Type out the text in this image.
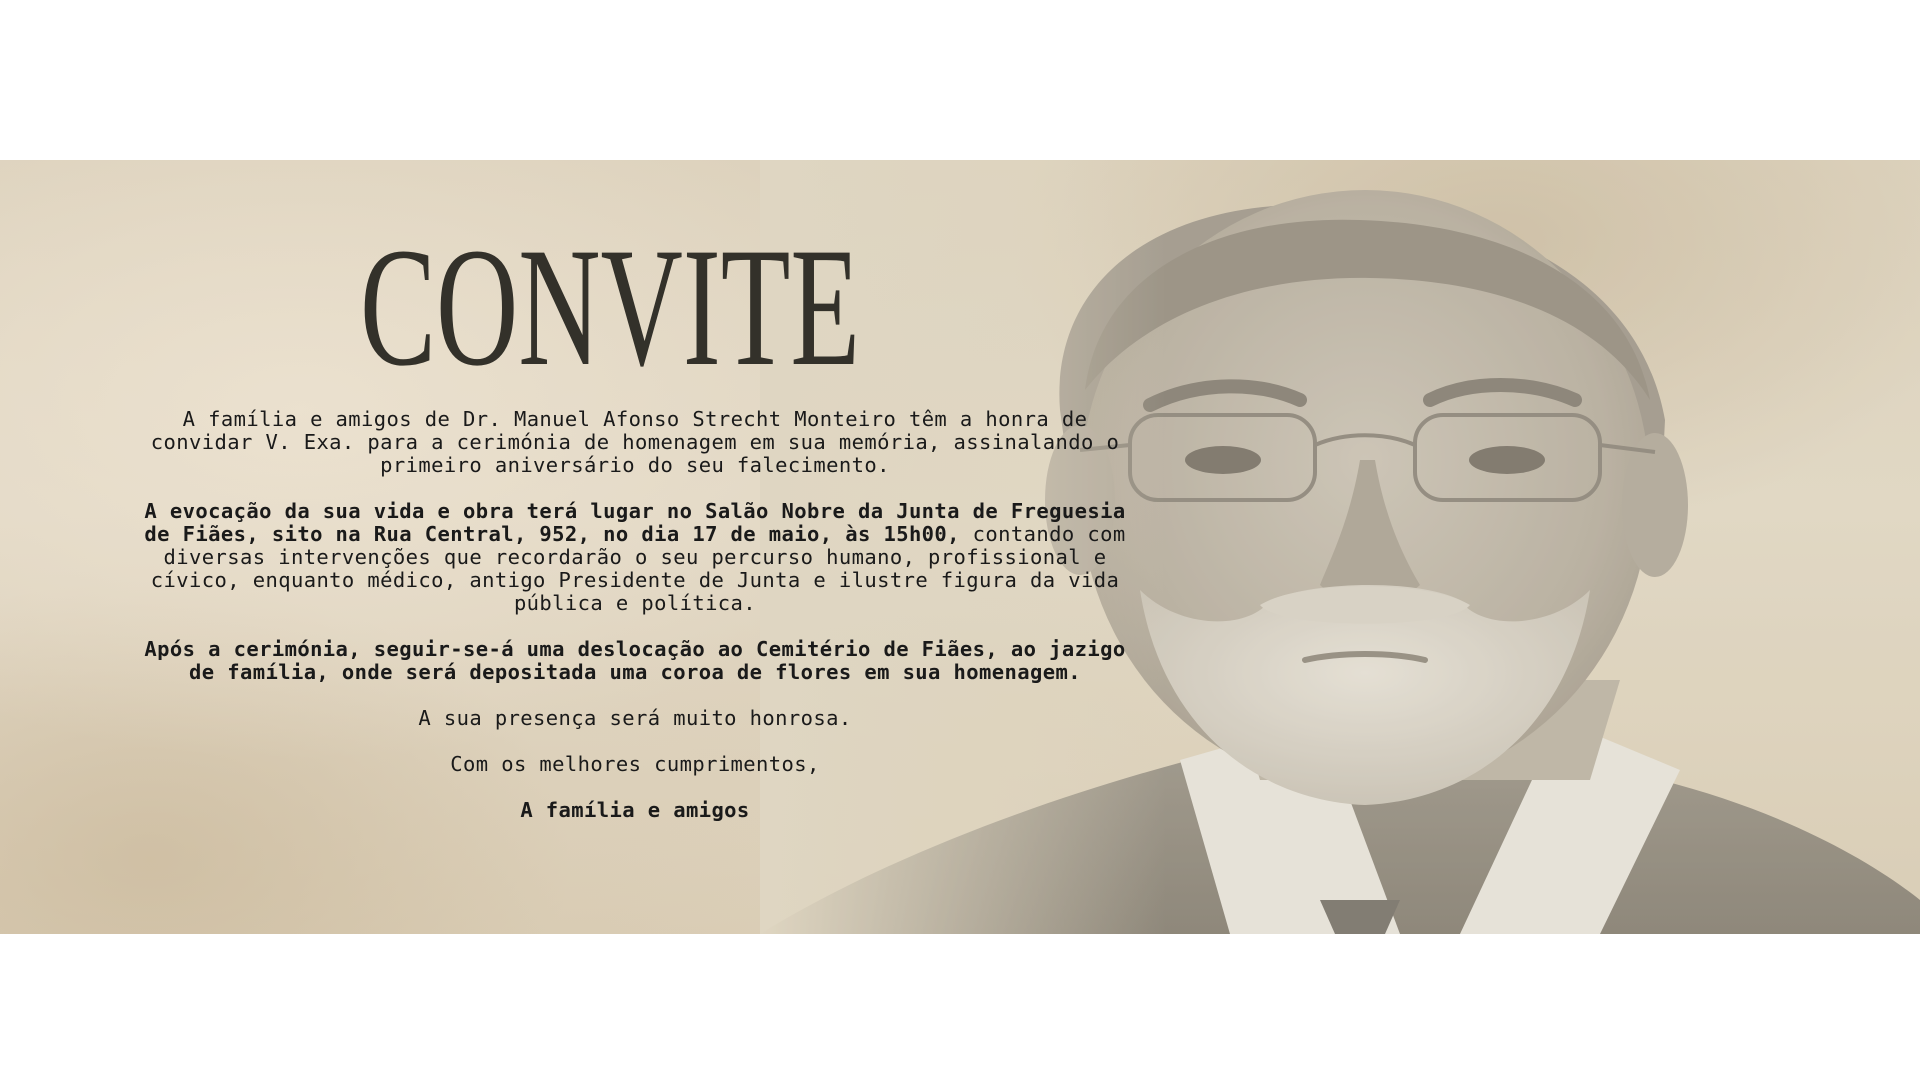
CONVITE

A família e amigos de Dr. Manuel Afonso Strecht Monteiro têm a honra de
convidar V. Exa. para a cerimónia de homenagem em sua memória, assinalando o
primeiro aniversário do seu falecimento.

A evocação da sua vida e obra terá lugar no Salão Nobre da Junta de Freguesia
de Fiães, sito na Rua Central, 952, no dia 17 de maio, às 15h00, contando com
diversas intervenções que recordarão o seu percurso humano, profissional e
cívico, enquanto médico, antigo Presidente de Junta e ilustre figura da vida
pública e política.

Após a cerimónia, seguir-se-á uma deslocação ao Cemitério de Fiães, ao jazigo
de família, onde será depositada uma coroa de flores em sua homenagem.

A sua presença será muito honrosa.

Com os melhores cumprimentos,

A família e amigos
